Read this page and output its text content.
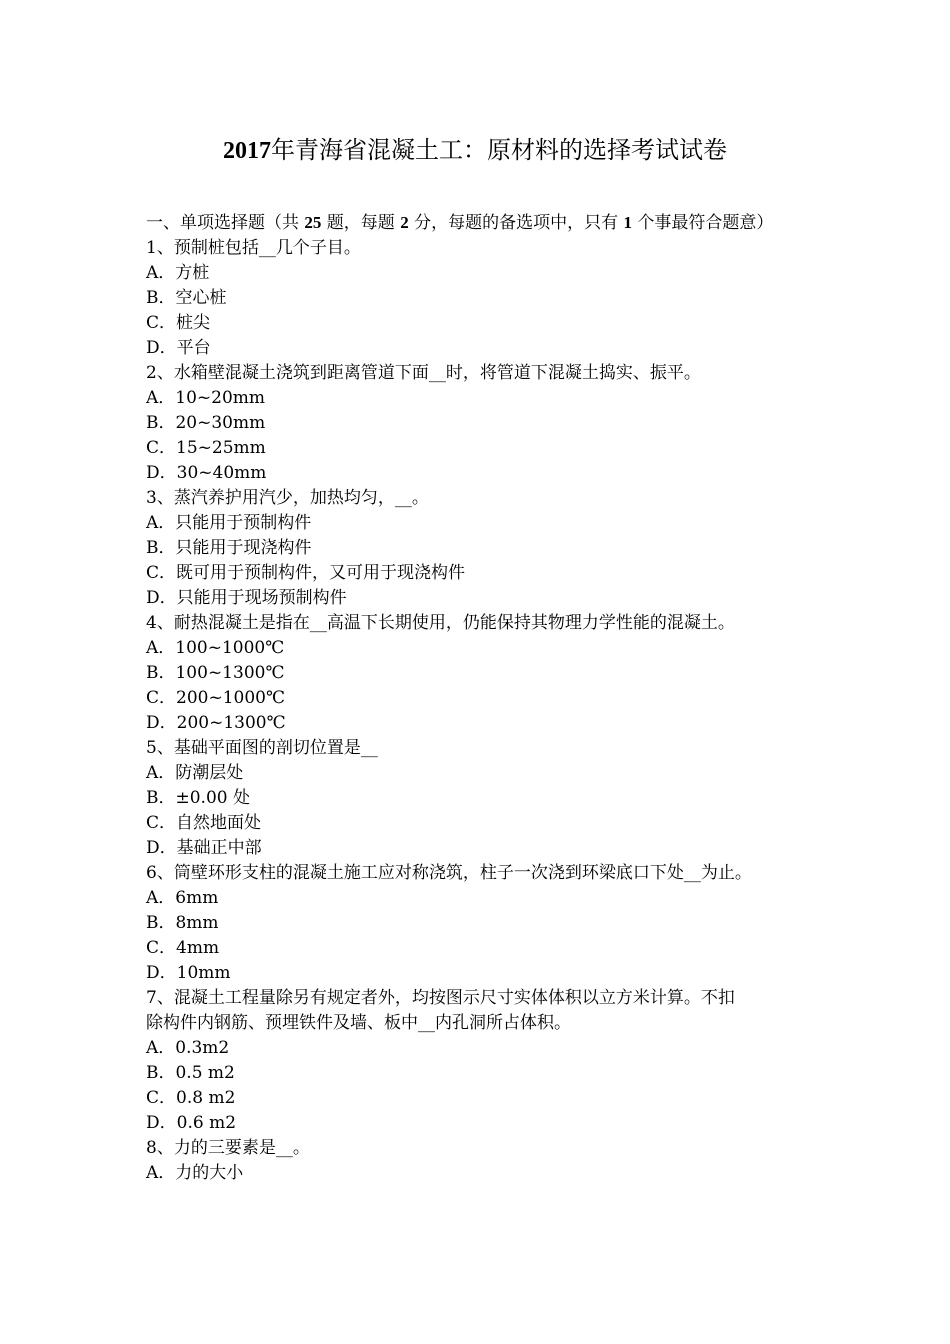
2017年青海省混凝土工：原材料的选择考试试卷

一、单项选择题（共 25 题，每题 2 分，每题的备选项中，只有 1 个事最符合题意）

1、预制桩包括__几个子目。

A．方桩

B．空心桩

C．桩尖

D．平台

2、水箱壁混凝土浇筑到距离管道下面__时，将管道下混凝土捣实、振平。

A．10~20mm

B．20~30mm

C．15~25mm

D．30~40mm

3、蒸汽养护用汽少，加热均匀，__。

A．只能用于预制构件

B．只能用于现浇构件

C．既可用于预制构件，又可用于现浇构件

D．只能用于现场预制构件

4、耐热混凝土是指在__高温下长期使用，仍能保持其物理力学性能的混凝土。

A．100~1000℃

B．100~1300℃

C．200~1000℃

D．200~1300℃

5、基础平面图的剖切位置是__

A．防潮层处

B．±0.00 处

C．自然地面处

D．基础正中部

6、筒壁环形支柱的混凝土施工应对称浇筑，柱子一次浇到环梁底口下处__为止。

A．6mm

B．8mm

C．4mm

D．10mm

7、混凝土工程量除另有规定者外，均按图示尺寸实体体积以立方米计算。不扣

除构件内钢筋、预埋铁件及墙、板中__内孔洞所占体积。

A．0.3m2

B．0.5 m2

C．0.8 m2

D．0.6 m2

8、力的三要素是__。

A．力的大小
